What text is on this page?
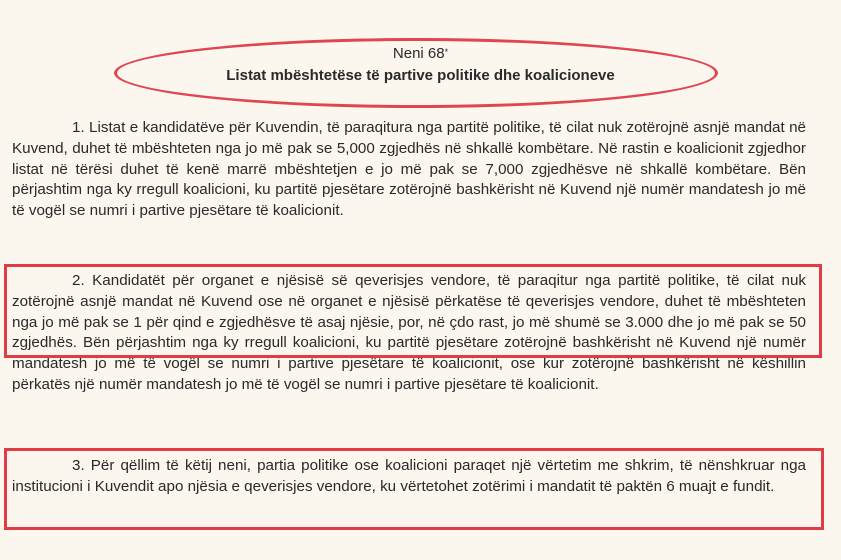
Neni 68*
Listat mbështetëse të partive politike dhe koalicioneve

1. Listat e kandidatëve për Kuvendin, të paraqitura nga partitë politike, të cilat nuk zotërojnë asnjë mandat në Kuvend, duhet të mbështeten nga jo më pak se 5,000 zgjedhës në shkallë kombëtare. Në rastin e koalicionit zgjedhor listat në tërësi duhet të kenë marrë mbështetjen e jo më pak se 7,000 zgjedhësve në shkallë kombëtare. Bën përjashtim nga ky rregull koalicioni, ku partitë pjesëtare zotërojnë bashkërisht në Kuvend një numër mandatesh jo më të vogël se numri i partive pjesëtare të koalicionit.

2. Kandidatët për organet e njësisë së qeverisjes vendore, të paraqitur nga partitë politike, të cilat nuk zotërojnë asnjë mandat në Kuvend ose në organet e njësisë përkatëse të qeverisjes vendore, duhet të mbështeten nga jo më pak se 1 për qind e zgjedhësve të asaj njësie, por, në çdo rast, jo më shumë se 3.000 dhe jo më pak se 50 zgjedhës. Bën përjashtim nga ky rregull koalicioni, ku partitë pjesëtare zotërojnë bashkërisht në Kuvend një numër mandatesh jo më të vogël se numri i partive pjesëtare të koalicionit, ose kur zotërojnë bashkërisht në këshillin përkatës një numër mandatesh jo më të vogël se numri i partive pjesëtare të koalicionit.

3. Për qëllim të këtij neni, partia politike ose koalicioni paraqet një vërtetim me shkrim, të nënshkruar nga institucioni i Kuvendit apo njësia e qeverisjes vendore, ku vërtetohet zotërimi i mandatit të paktën 6 muajt e fundit.
